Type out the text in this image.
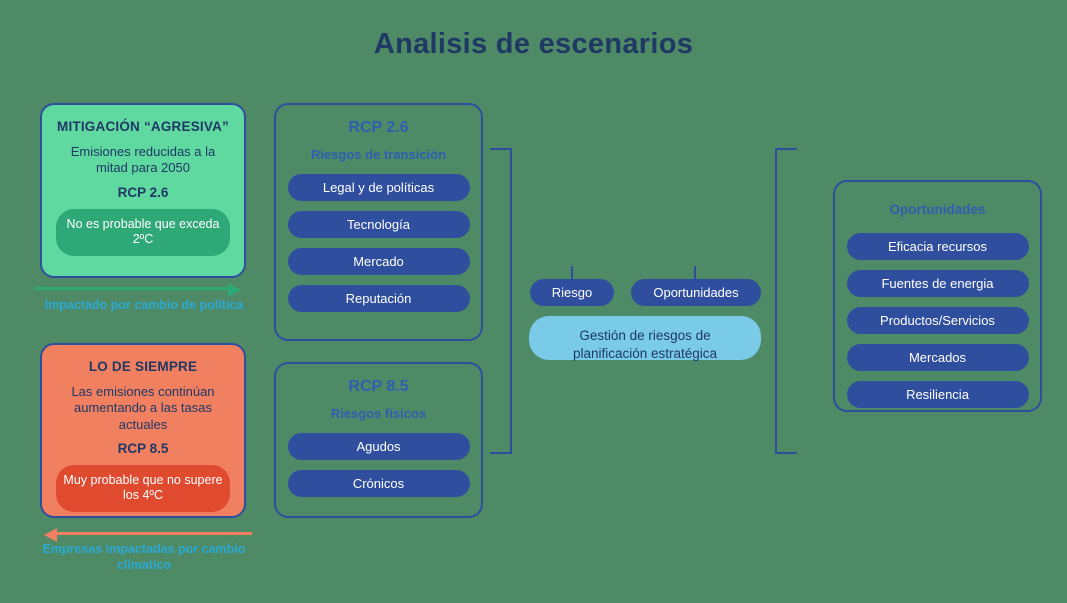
Analisis de escenarios
MITIGACIÓN “AGRESIVA”
Emisiones reducidas a la mitad para 2050
RCP 2.6
No es probable que exceda 2ºC
Impactado por cambio de política
LO DE SIEMPRE
Las emisiones continúan aumentando a las tasas actuales
RCP 8.5
Muy probable que no supere los 4ºC
Empresas impactadas por cambio climatico
RCP 2.6
Riesgos de transición
Legal y de políticas
Tecnología
Mercado
Reputación
RCP 8.5
Riesgos físicos
Agudos
Crónicos
Riesgo	Oportunidades
Gestión de riesgos de planificación estratégica
Oportunidades
Eficacia recursos
Fuentes de energia
Productos/Servicios
Mercados
Resiliencia
